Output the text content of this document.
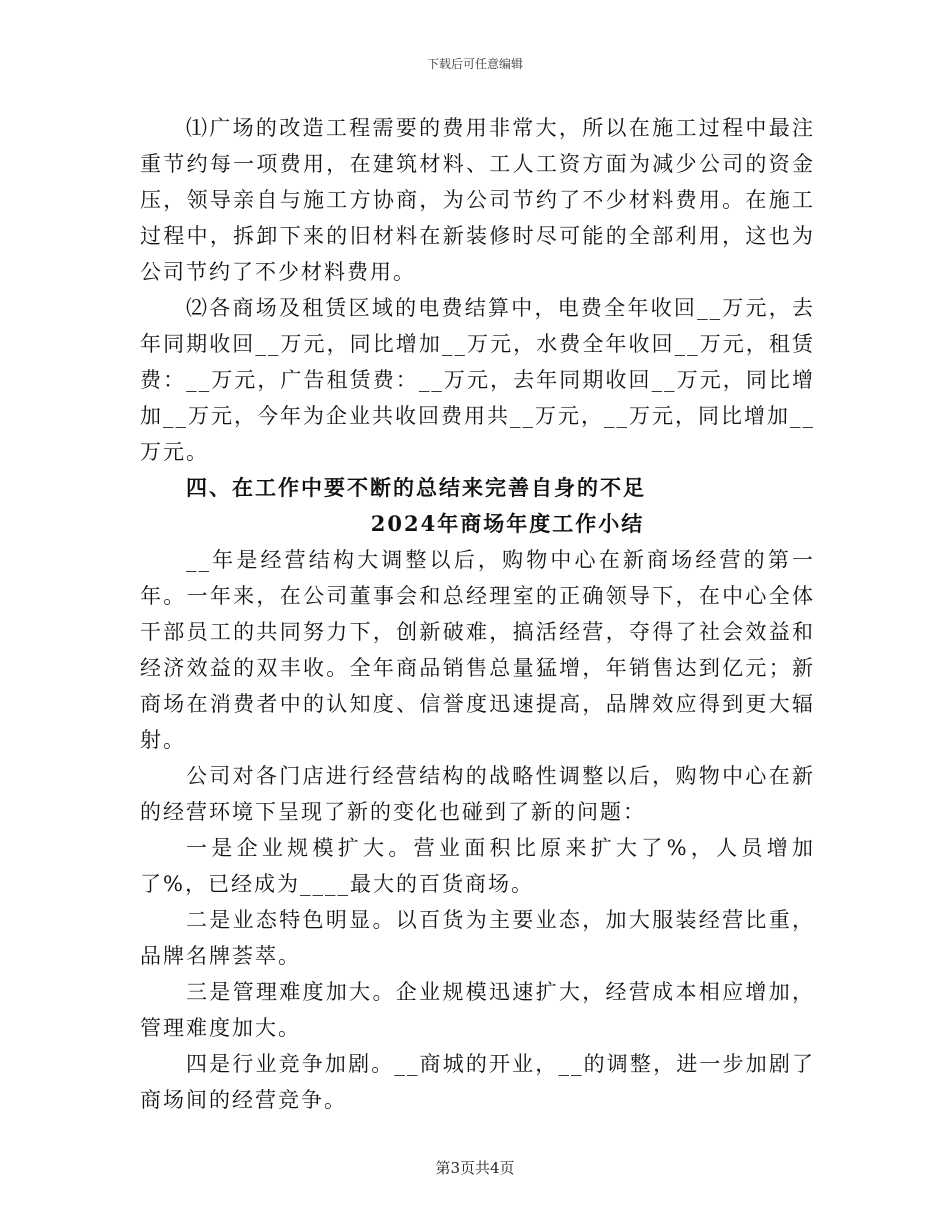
下载后可任意编辑

⑴广场的改造工程需要的费用非常大，所以在施工过程中最注重节约每一项费用，在建筑材料、工人工资方面为减少公司的资金压，领导亲自与施工方协商，为公司节约了不少材料费用。在施工过程中，拆卸下来的旧材料在新装修时尽可能的全部利用，这也为公司节约了不少材料费用。

⑵各商场及租赁区域的电费结算中，电费全年收回__万元，去年同期收回__万元，同比增加__万元，水费全年收回__万元，租赁费：__万元，广告租赁费：__万元，去年同期收回__万元，同比增加__万元，今年为企业共收回费用共__万元，__万元，同比增加__万元。

四、在工作中要不断的总结来完善自身的不足

2024年商场年度工作小结

__年是经营结构大调整以后，购物中心在新商场经营的第一年。一年来，在公司董事会和总经理室的正确领导下，在中心全体干部员工的共同努力下，创新破难，搞活经营，夺得了社会效益和经济效益的双丰收。全年商品销售总量猛增，年销售达到亿元；新商场在消费者中的认知度、信誉度迅速提高，品牌效应得到更大辐射。

公司对各门店进行经营结构的战略性调整以后，购物中心在新的经营环境下呈现了新的变化也碰到了新的问题：

一是企业规模扩大。营业面积比原来扩大了%，人员增加了%，已经成为____最大的百货商场。

二是业态特色明显。以百货为主要业态，加大服装经营比重，品牌名牌荟萃。

三是管理难度加大。企业规模迅速扩大，经营成本相应增加，管理难度加大。

四是行业竞争加剧。__商城的开业，__的调整，进一步加剧了商场间的经营竞争。

第3页共4页
